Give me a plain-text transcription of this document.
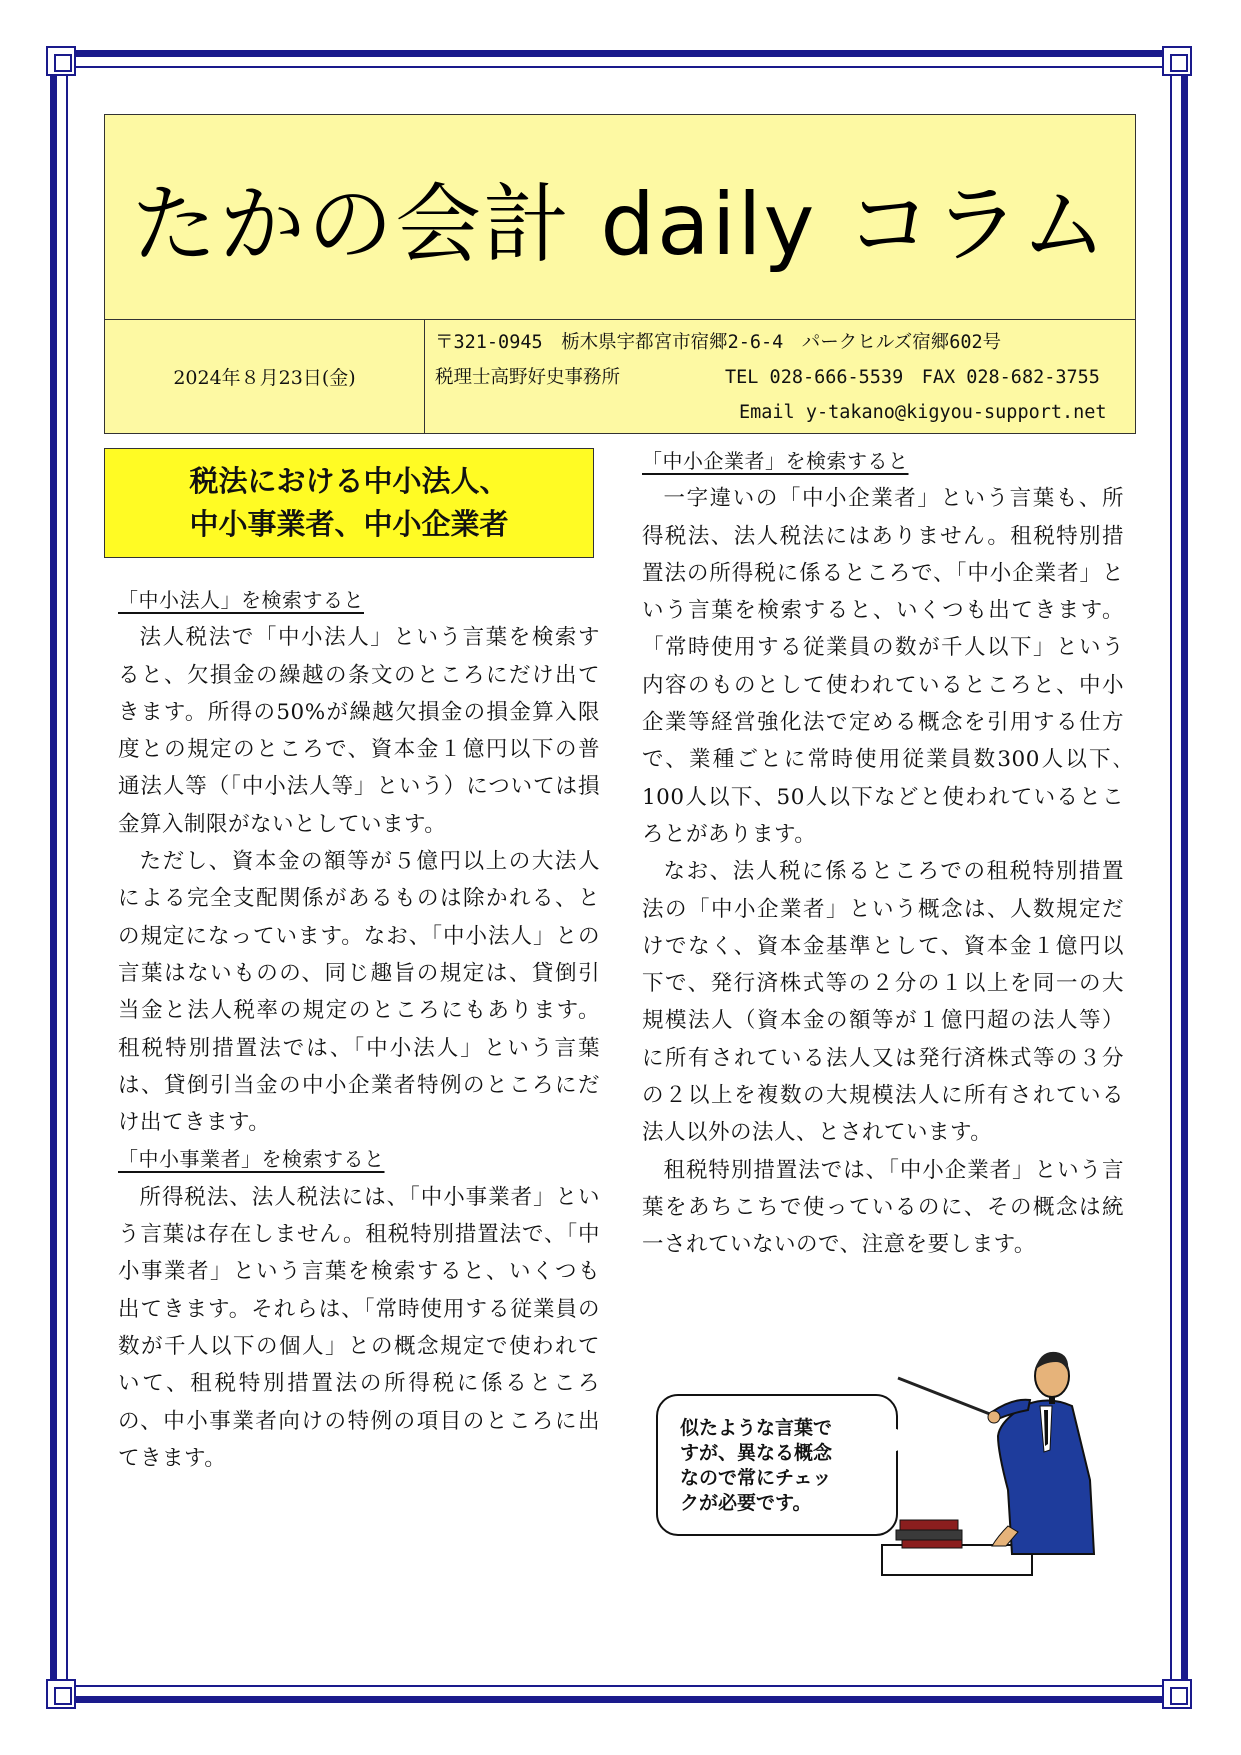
たかの会計 daily コラム
2024年８月23日(金)
〒321-0945　栃木県宇都宮市宿郷2-6-4　パークヒルズ宿郷602号
税理士高野好史事務所	TEL 028-666-5539　FAX 028-682-3755
Email y-takano@kigyou-support.net
税法における中小法人、
中小事業者、中小企業者
「中小法人」を検索すると

法人税法で「中小法人」という言葉を検索すると、欠損金の繰越の条文のところにだけ出てきます。所得の50%が繰越欠損金の損金算入限度との規定のところで、資本金１億円以下の普通法人等（「中小法人等」という）については損金算入制限がないとしています。

ただし、資本金の額等が５億円以上の大法人による完全支配関係があるものは除かれる、との規定になっています。なお、「中小法人」との言葉はないものの、同じ趣旨の規定は、貸倒引当金と法人税率の規定のところにもあります。租税特別措置法では、「中小法人」という言葉は、貸倒引当金の中小企業者特例のところにだけ出てきます。

「中小事業者」を検索すると

所得税法、法人税法には、「中小事業者」という言葉は存在しません。租税特別措置法で、「中小事業者」という言葉を検索すると、いくつも出てきます。それらは、「常時使用する従業員の数が千人以下の個人」との概念規定で使われていて、租税特別措置法の所得税に係るところの、中小事業者向けの特例の項目のところに出てきます。

「中小企業者」を検索すると

一字違いの「中小企業者」という言葉も、所得税法、法人税法にはありません。租税特別措置法の所得税に係るところで、「中小企業者」という言葉を検索すると、いくつも出てきます。「常時使用する従業員の数が千人以下」という内容のものとして使われているところと、中小企業等経営強化法で定める概念を引用する仕方で、業種ごとに常時使用従業員数300人以下､100人以下、50人以下などと使われているところとがあります。

なお、法人税に係るところでの租税特別措置法の「中小企業者」という概念は、人数規定だけでなく、資本金基準として、資本金１億円以下で、発行済株式等の２分の１以上を同一の大規模法人（資本金の額等が１億円超の法人等）に所有されている法人又は発行済株式等の３分の２以上を複数の大規模法人に所有されている法人以外の法人、とされています。

租税特別措置法では、「中小企業者」という言葉をあちこちで使っているのに、その概念は統一されていないので、注意を要します。

似たような言葉で
すが、異なる概念
なので常にチェッ
クが必要です。
